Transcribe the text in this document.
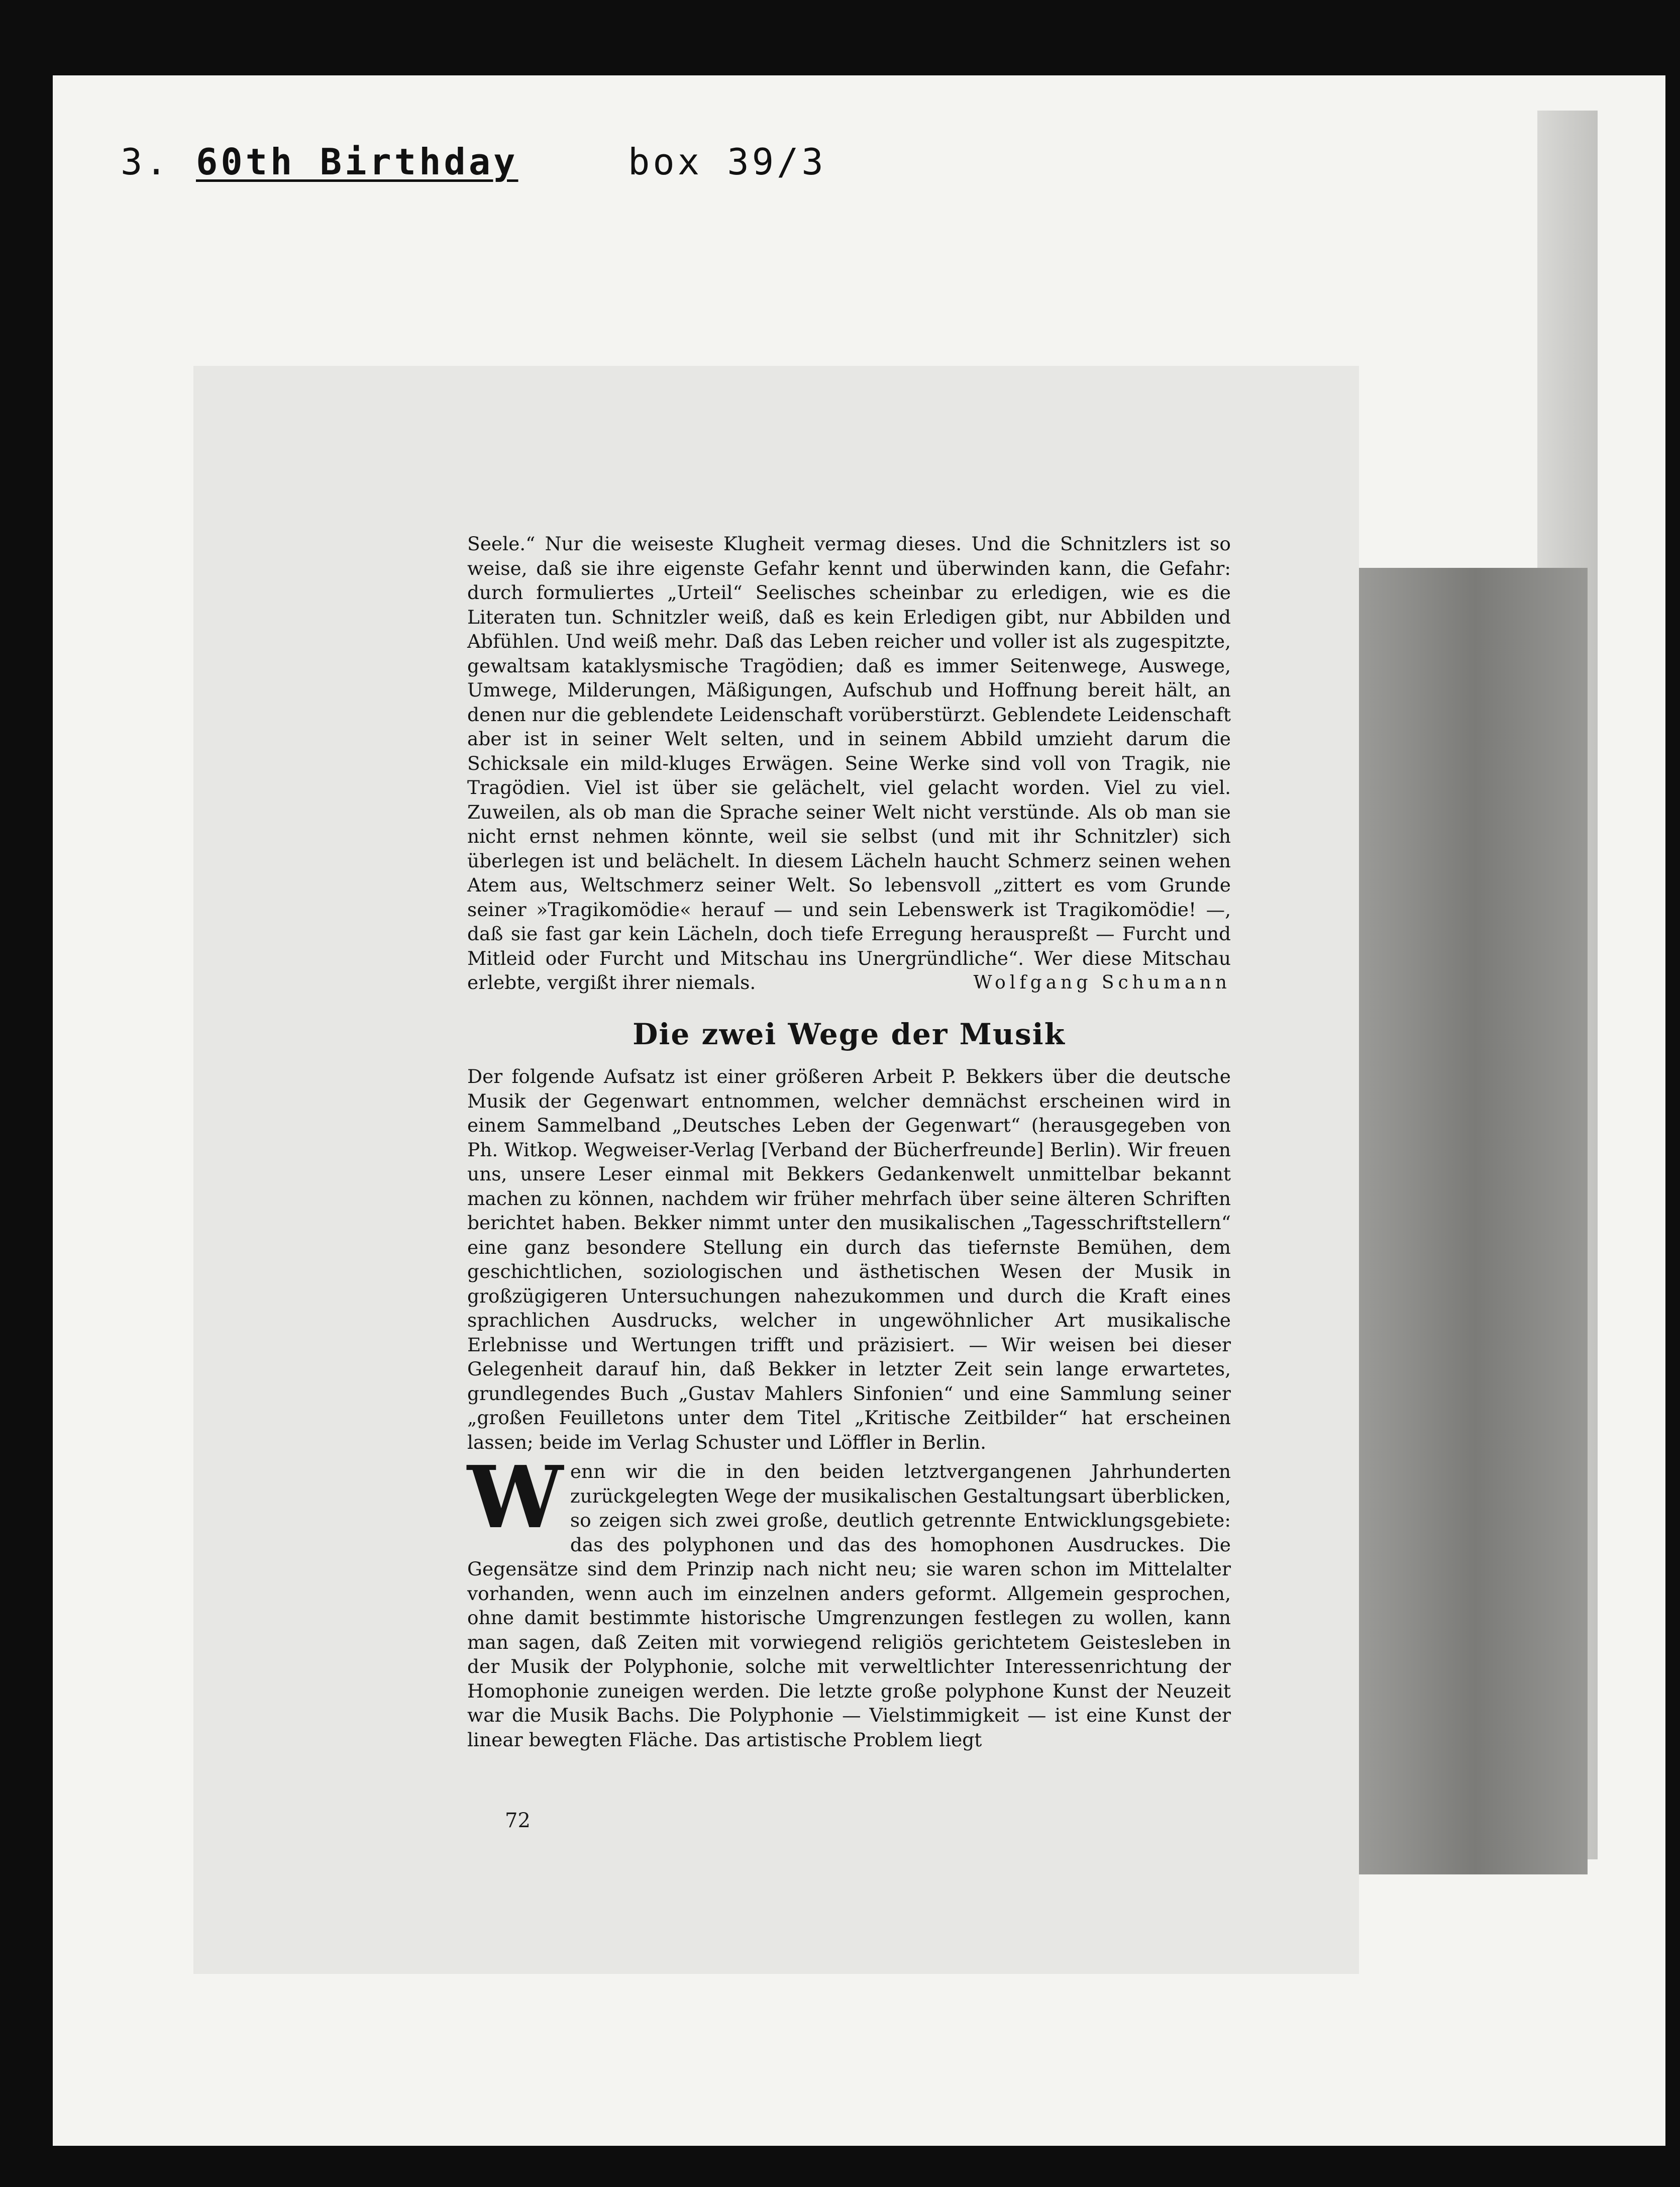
3. 60th Birthday	box 39/3

Seele.“ Nur die weiseste Klugheit vermag dieses. Und die Schnitzlers ist so weise, daß sie ihre eigenste Gefahr kennt und überwinden kann, die Gefahr: durch formuliertes „Urteil“ Seelisches scheinbar zu erledigen, wie es die Literaten tun. Schnitzler weiß, daß es kein Erledigen gibt, nur Abbilden und Abfühlen. Und weiß mehr. Daß das Leben reicher und voller ist als zugespitzte, gewaltsam kataklysmische Tragödien; daß es immer Seitenwege, Auswege, Umwege, Milderungen, Mäßigungen, Aufschub und Hoffnung bereit hält, an denen nur die geblendete Leidenschaft vorüberstürzt. Geblendete Leidenschaft aber ist in seiner Welt selten, und in seinem Abbild umzieht darum die Schicksale ein mild-kluges Erwägen. Seine Werke sind voll von Tragik, nie Tragödien. Viel ist über sie gelächelt, viel gelacht worden. Viel zu viel. Zuweilen, als ob man die Sprache seiner Welt nicht verstünde. Als ob man sie nicht ernst nehmen könnte, weil sie selbst (und mit ihr Schnitzler) sich überlegen ist und belächelt. In diesem Lächeln haucht Schmerz seinen wehen Atem aus, Weltschmerz seiner Welt. So lebensvoll „zittert es vom Grunde seiner »Tragikomödie« herauf — und sein Lebenswerk ist Tragikomödie! —, daß sie fast gar kein Lächeln, doch tiefe Erregung herauspreßt — Furcht und Mitleid oder Furcht und Mitschau ins Unergründliche“. Wer diese Mitschau erlebte, vergißt ihrer niemals.	Wolfgang Schumann
Die zwei Wege der Musik

Der folgende Aufsatz ist einer größeren Arbeit P. Bekkers über die deutsche Musik der Gegenwart entnommen, welcher demnächst erscheinen wird in einem Sammelband „Deutsches Leben der Gegenwart“ (herausgegeben von Ph. Witkop. Wegweiser-Verlag [Verband der Bücherfreunde] Berlin). Wir freuen uns, unsere Leser einmal mit Bekkers Gedankenwelt unmittelbar bekannt machen zu können, nachdem wir früher mehrfach über seine älteren Schriften berichtet haben. Bekker nimmt unter den musikalischen „Tagesschriftstellern“ eine ganz besondere Stellung ein durch das tiefernste Bemühen, dem geschichtlichen, soziologischen und ästhetischen Wesen der Musik in großzügigeren Untersuchungen nahezukommen und durch die Kraft eines sprachlichen Ausdrucks, welcher in ungewöhnlicher Art musikalische Erlebnisse und Wertungen trifft und präzisiert. — Wir weisen bei dieser Gelegenheit darauf hin, daß Bekker in letzter Zeit sein lange erwartetes, grundlegendes Buch „Gustav Mahlers Sinfonien“ und eine Sammlung seiner „großen Feuilletons unter dem Titel „Kritische Zeitbilder“ hat erscheinen lassen; beide im Verlag Schuster und Löffler in Berlin.

Wenn wir die in den beiden letztvergangenen Jahrhunderten zurückgelegten Wege der musikalischen Gestaltungsart überblicken, so zeigen sich zwei große, deutlich getrennte Entwicklungsgebiete: das des polyphonen und das des homophonen Ausdruckes. Die Gegensätze sind dem Prinzip nach nicht neu; sie waren schon im Mittelalter vorhanden, wenn auch im einzelnen anders geformt. Allgemein gesprochen, ohne damit bestimmte historische Umgrenzungen festlegen zu wollen, kann man sagen, daß Zeiten mit vorwiegend religiös gerichtetem Geistesleben in der Musik der Polyphonie, solche mit verweltlichter Interessenrichtung der Homophonie zuneigen werden. Die letzte große polyphone Kunst der Neuzeit war die Musik Bachs. Die Polyphonie — Vielstimmigkeit — ist eine Kunst der linear bewegten Fläche. Das artistische Problem liegt

72
